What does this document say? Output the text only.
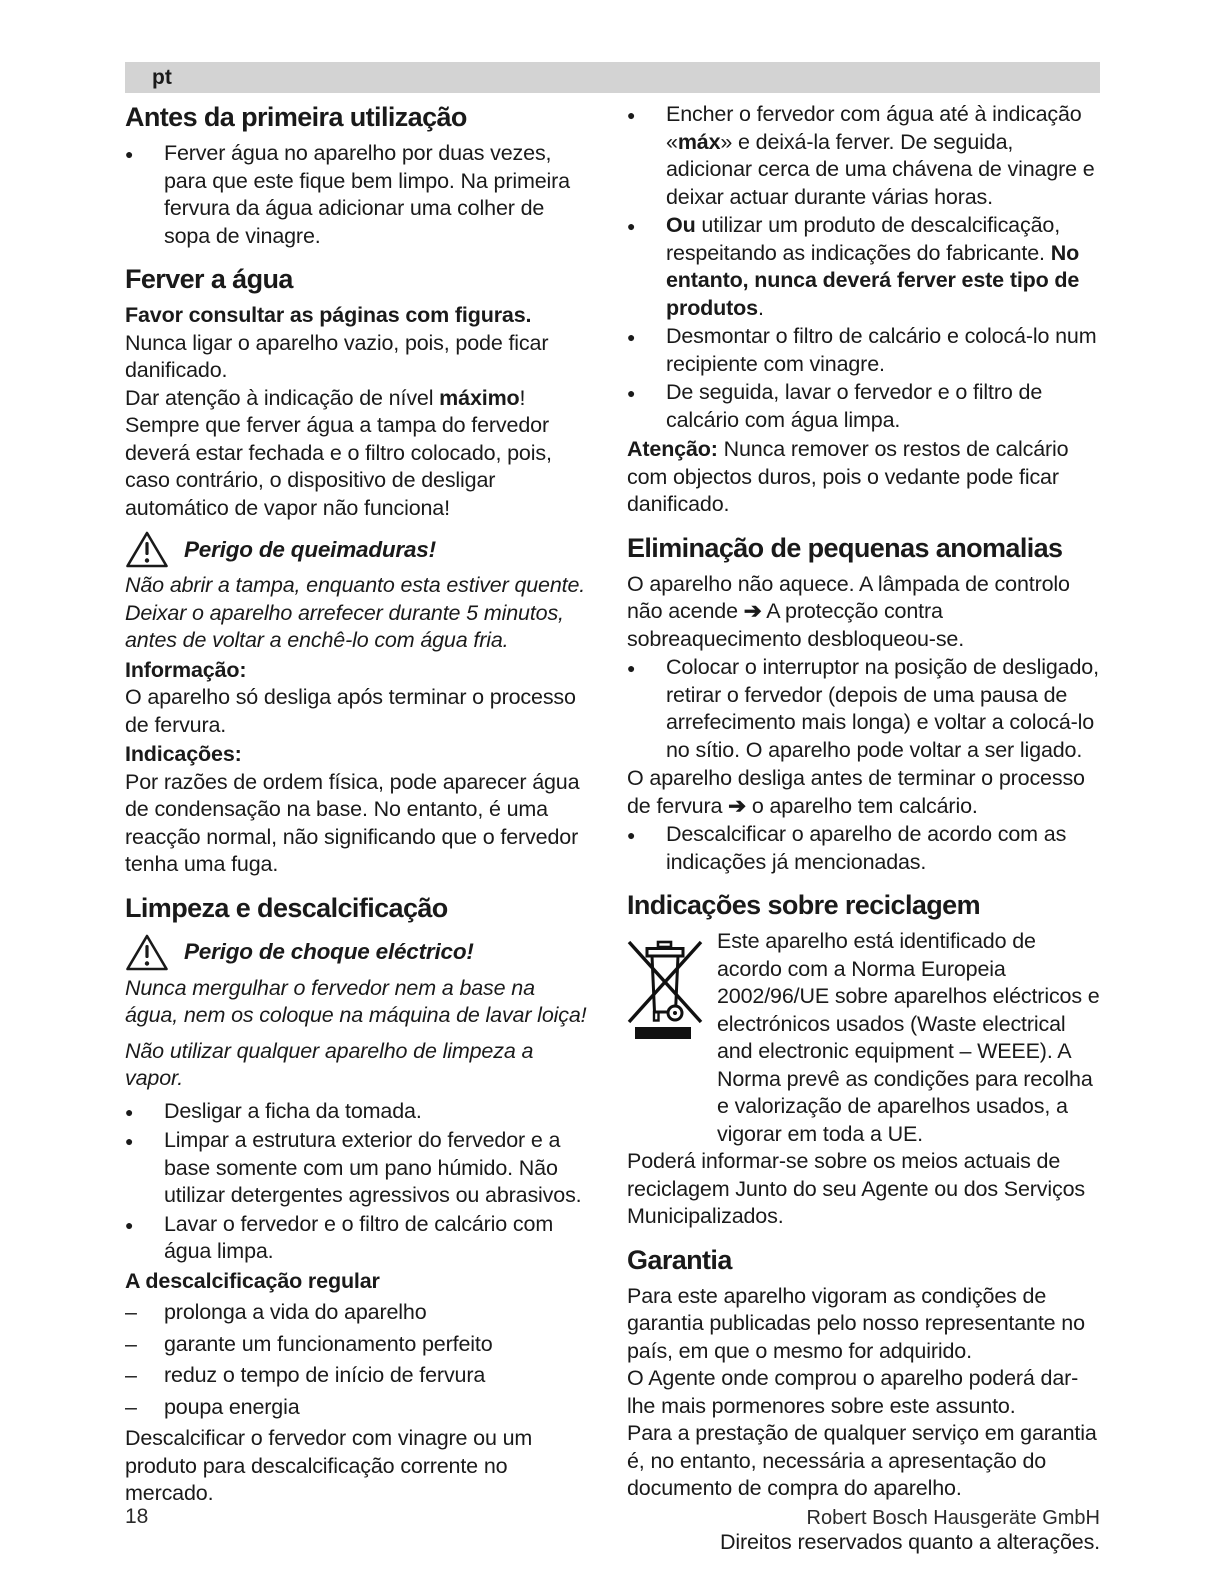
pt
Antes da primeira utilização
●	Ferver água no aparelho por duas vezes, para que este fique bem limpo. Na primeira fervura da água adicionar uma colher de sopa de vinagre.

Ferver a água

Favor consultar as páginas com figuras.

Nunca ligar o aparelho vazio, pois, pode ficar danificado.

Dar atenção à indicação de nível máximo!

Sempre que ferver água a tampa do fervedor deverá estar fechada e o filtro colocado, pois, caso contrário, o dispositivo de desligar automático de vapor não funciona!

Perigo de queimaduras!

Não abrir a tampa, enquanto esta estiver quente. Deixar o aparelho arrefecer durante 5 minutos, antes de voltar a enchê-lo com água fria.

Informação:

O aparelho só desliga após terminar o processo de fervura.

Indicações:

Por razões de ordem física, pode aparecer água de condensação na base. No entanto, é uma reacção normal, não significando que o fervedor tenha uma fuga.

Limpeza e descalcificação
Perigo de choque eléctrico!

Nunca mergulhar o fervedor nem a base na água, nem os coloque na máquina de lavar loiça!

Não utilizar qualquer aparelho de limpeza a vapor.

●	Desligar a ficha da tomada.

●	Limpar a estrutura exterior do fervedor e a base somente com um pano húmido. Não utilizar detergentes agressivos ou abrasivos.

●	Lavar o fervedor e o filtro de calcário com água limpa.

A descalcificação regular

–	prolonga a vida do aparelho

–	garante um funcionamento perfeito

–	reduz o tempo de início de fervura

–	poupa energia

Descalcificar o fervedor com vinagre ou um produto para descalcificação corrente no mercado.

●	Encher o fervedor com água até à indicação «máx» e deixá-la ferver. De seguida, adicionar cerca de uma chávena de vinagre e deixar actuar durante várias horas.

●	Ou utilizar um produto de descalcificação, respeitando as indicações do fabricante. No entanto, nunca deverá ferver este tipo de produtos.

●	Desmontar o filtro de calcário e colocá-lo num recipiente com vinagre.

●	De seguida, lavar o fervedor e o filtro de calcário com água limpa.

Atenção: Nunca remover os restos de calcário com objectos duros, pois o vedante pode ficar danificado.

Eliminação de pequenas anomalias

O aparelho não aquece. A lâmpada de controlo não acende ➔ A protecção contra sobreaquecimento desbloqueou-se.

●	Colocar o interruptor na posição de desligado, retirar o fervedor (depois de uma pausa de arrefecimento mais longa) e voltar a colocá-lo no sítio. O aparelho pode voltar a ser ligado.

O aparelho desliga antes de terminar o processo de fervura ➔ o aparelho tem calcário.

●	Descalcificar o aparelho de acordo com as indicações já mencionadas.

Indicações sobre reciclagem

Este aparelho está identificado de acordo com a Norma Europeia 2002/96/UE sobre aparelhos eléctricos e electrónicos usados (Waste electrical and electronic equipment – WEEE). A Norma prevê as condições para recolha e valorização de aparelhos usados, a vigorar em toda a UE.

Poderá informar-se sobre os meios actuais de reciclagem Junto do seu Agente ou dos Serviços Municipalizados.

Garantia

Para este aparelho vigoram as condições de garantia publicadas pelo nosso representante no país, em que o mesmo for adquirido.

O Agente onde comprou o aparelho poderá dar-lhe mais pormenores sobre este assunto.

Para a prestação de qualquer serviço em garantia é, no entanto, necessária a apresentação do documento de compra do aparelho.

Direitos reservados quanto a alterações.

18	Robert Bosch Hausgeräte GmbH
